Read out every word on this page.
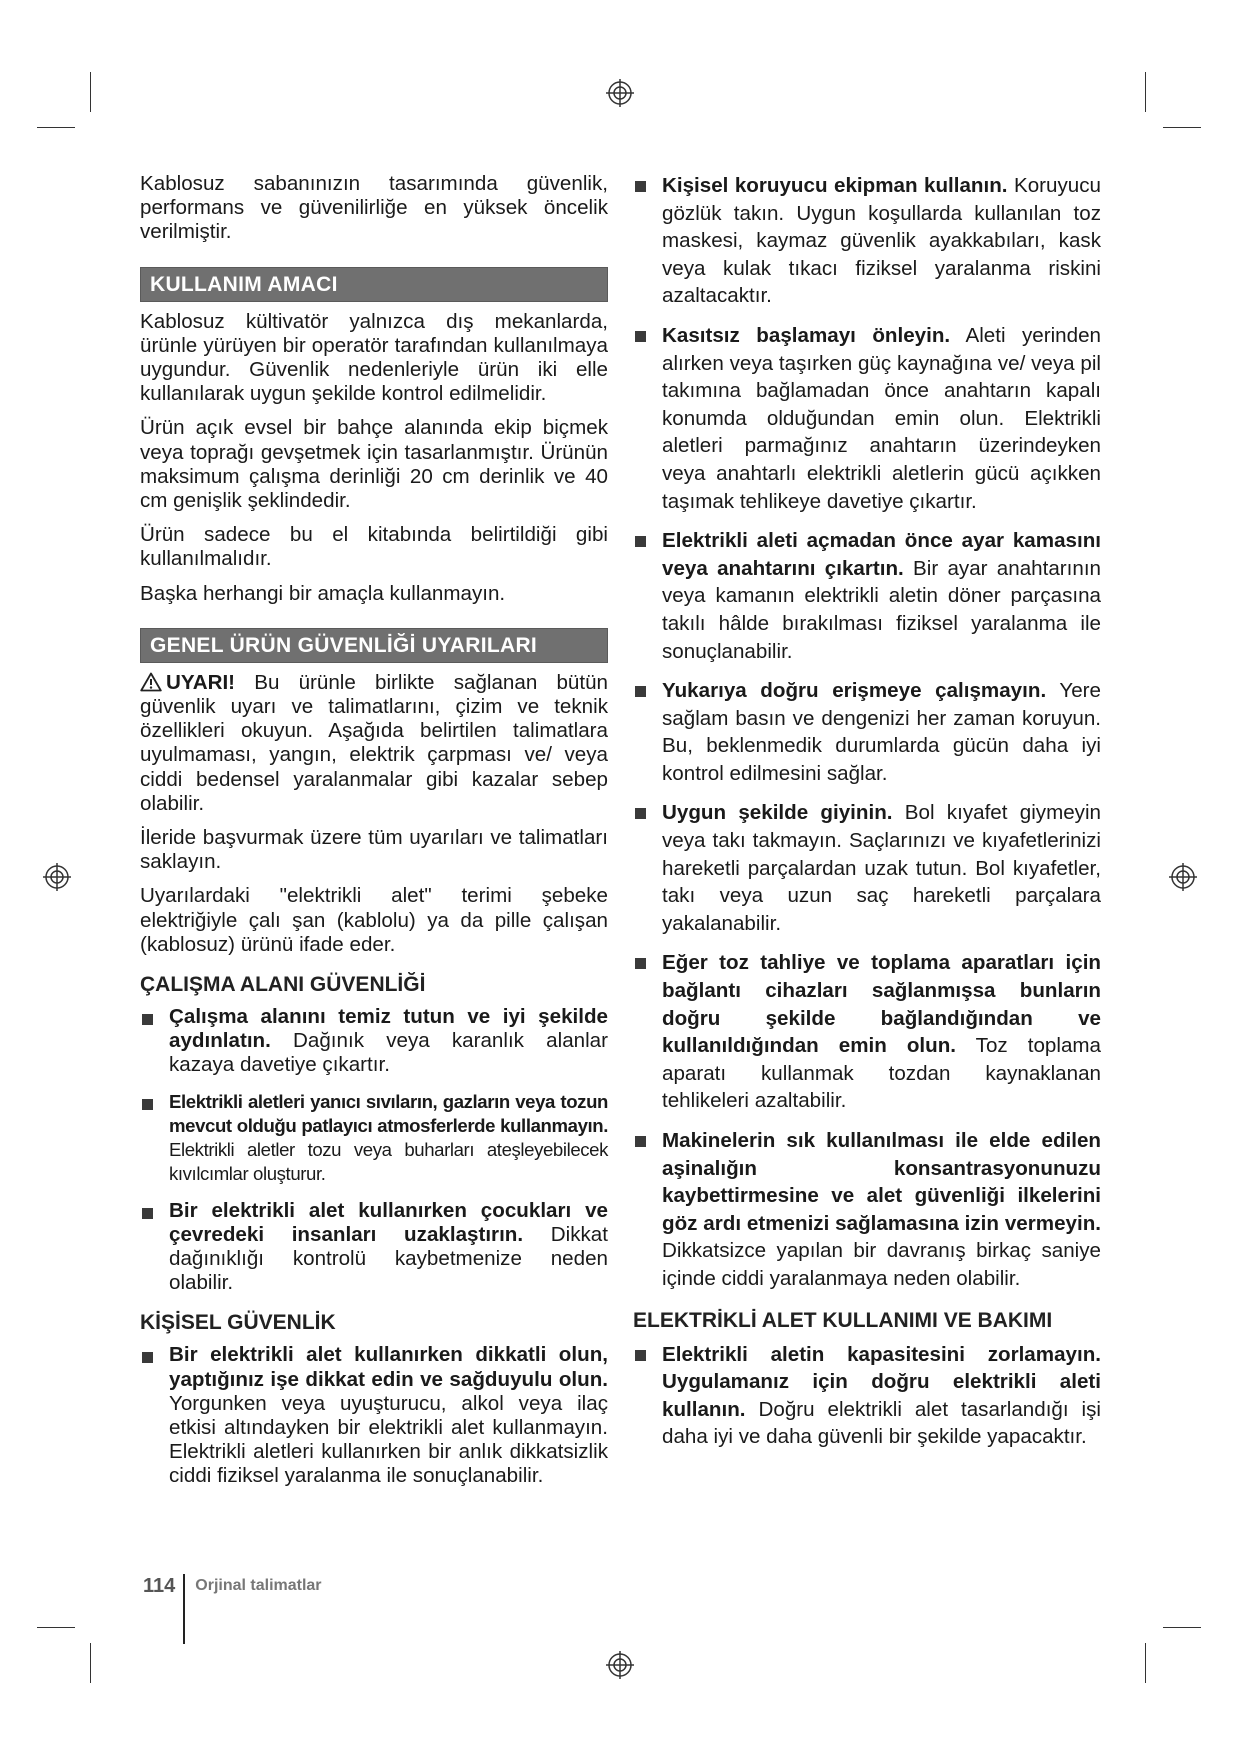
Kablosuz sabanınızın tasarımında güvenlik, performans ve güvenilirliğe en yüksek öncelik verilmiştir.

KULLANIM AMACI

Kablosuz kültivatör yalnızca dış mekanlarda, ürünle yürüyen bir operatör tarafından kullanılmaya uygundur. Güvenlik nedenleriyle ürün iki elle kullanılarak uygun şekilde kontrol edilmelidir.

Ürün açık evsel bir bahçe alanında ekip biçmek veya toprağı gevşetmek için tasarlanmıştır. Ürünün maksimum çalışma derinliği 20 cm derinlik ve 40 cm genişlik şeklindedir.

Ürün sadece bu el kitabında belirtildiği gibi kullanılmalıdır.

Başka herhangi bir amaçla kullanmayın.

GENEL ÜRÜN GÜVENLİĞİ UYARILARI

UYARI! Bu ürünle birlikte sağlanan bütün güvenlik uyarı ve talimatlarını, çizim ve teknik özellikleri okuyun. Aşağıda belirtilen talimatlara uyulmaması, yangın, elektrik çarpması ve/ veya ciddi bedensel yaralanmalar gibi kazalar sebep olabilir.

İleride başvurmak üzere tüm uyarıları ve talimatları saklayın.

Uyarılardaki "elektrikli alet" terimi şebeke elektriğiyle çalı şan (kablolu) ya da pille çalışan (kablosuz) ürünü ifade eder.

ÇALIŞMA ALANI GÜVENLİĞİ
Çalışma alanını temiz tutun ve iyi şekilde aydınlatın. Dağınık veya karanlık alanlar kazaya davetiye çıkartır.
Elektrikli aletleri yanıcı sıvıların, gazların veya tozun mevcut olduğu patlayıcı atmosferlerde kullanmayın. Elektrikli aletler tozu veya buharları ateşleyebilecek kıvılcımlar oluşturur.
Bir elektrikli alet kullanırken çocukları ve çevredeki insanları uzaklaştırın. Dikkat dağınıklığı kontrolü kaybetmenize neden olabilir.
KİŞİSEL GÜVENLİK
Bir elektrikli alet kullanırken dikkatli olun, yaptığınız işe dikkat edin ve sağduyulu olun. Yorgunken veya uyuşturucu, alkol veya ilaç etkisi altındayken bir elektrikli alet kullanmayın. Elektrikli aletleri kullanırken bir anlık dikkatsizlik ciddi fiziksel yaralanma ile sonuçlanabilir.
Kişisel koruyucu ekipman kullanın. Koruyucu gözlük takın. Uygun koşullarda kullanılan toz maskesi, kaymaz güvenlik ayakkabıları, kask veya kulak tıkacı fiziksel yaralanma riskini azaltacaktır.
Kasıtsız başlamayı önleyin. Aleti yerinden alırken veya taşırken güç kaynağına ve/ veya pil takımına bağlamadan önce anahtarın kapalı konumda olduğundan emin olun. Elektrikli aletleri parmağınız anahtarın üzerindeyken veya anahtarlı elektrikli aletlerin gücü açıkken taşımak tehlikeye davetiye çıkartır.
Elektrikli aleti açmadan önce ayar kamasını veya anahtarını çıkartın. Bir ayar anahtarının veya kamanın elektrikli aletin döner parçasına takılı hâlde bırakılması fiziksel yaralanma ile sonuçlanabilir.
Yukarıya doğru erişmeye çalışmayın. Yere sağlam basın ve dengenizi her zaman koruyun. Bu, beklenmedik durumlarda gücün daha iyi kontrol edilmesini sağlar.
Uygun şekilde giyinin. Bol kıyafet giymeyin veya takı takmayın. Saçlarınızı ve kıyafetlerinizi hareketli parçalardan uzak tutun. Bol kıyafetler, takı veya uzun saç hareketli parçalara yakalanabilir.
Eğer toz tahliye ve toplama aparatları için bağlantı cihazları sağlanmışsa bunların doğru şekilde bağlandığından ve kullanıldığından emin olun. Toz toplama aparatı kullanmak tozdan kaynaklanan tehlikeleri azaltabilir.
Makinelerin sık kullanılması ile elde edilen aşinalığın konsantrasyonunuzu kaybettirmesine ve alet güvenliği ilkelerini göz ardı etmenizi sağlamasına izin vermeyin. Dikkatsizce yapılan bir davranış birkaç saniye içinde ciddi yaralanmaya neden olabilir.
ELEKTRİKLİ ALET KULLANIMI VE BAKIMI
Elektrikli aletin kapasitesini zorlamayın. Uygulamanız için doğru elektrikli aleti kullanın. Doğru elektrikli alet tasarlandığı işi daha iyi ve daha güvenli bir şekilde yapacaktır.
114	Orjinal talimatlar
